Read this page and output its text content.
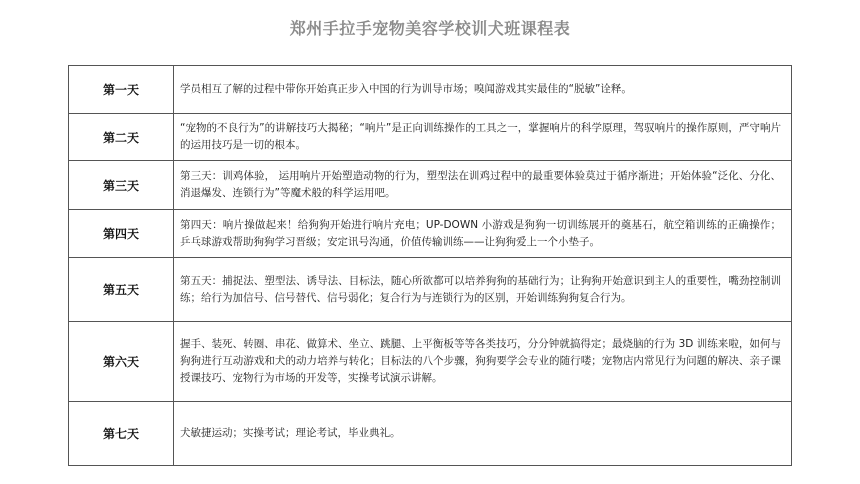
郑州手拉手宠物美容学校训犬班课程表
第一天	学员相互了解的过程中带你开始真正步入中国的行为训导市场；嗅闻游戏其实最佳的“脱敏”诠释。
第二天	“宠物的不良行为”的讲解技巧大揭秘；“响片”是正向训练操作的工具之一，掌握响片的科学原理，驾驭响片的操作原则，严守响片的运用技巧是一切的根本。
第三天	第三天：训鸡体验， 运用响片开始塑造动物的行为，塑型法在训鸡过程中的最重要体验莫过于循序渐进；开始体验“泛化、分化、消退爆发、连锁行为”等魔术般的科学运用吧。
第四天	第四天：响片操做起来！给狗狗开始进行响片充电；UP-DOWN 小游戏是狗狗一切训练展开的奠基石，航空箱训练的正确操作；乒乓球游戏帮助狗狗学习晋级；安定讯号沟通，价值传输训练——让狗狗爱上一个小垫子。
第五天	第五天：捕捉法、塑型法、诱导法、目标法，随心所欲都可以培养狗狗的基础行为；让狗狗开始意识到主人的重要性，嘴劲控制训练；给行为加信号、信号替代、信号弱化；复合行为与连锁行为的区别，开始训练狗狗复合行为。
第六天	握手、装死、转圈、串花、做算术、坐立、跳腿、上平衡板等等各类技巧，分分钟就搞得定；最烧脑的行为 3D 训练来啦，如何与狗狗进行互动游戏和犬的动力培养与转化；目标法的八个步骤，狗狗要学会专业的随行喽；宠物店内常见行为问题的解决、亲子课授课技巧、宠物行为市场的开发等，实操考试演示讲解。
第七天	犬敏捷运动；实操考试；理论考试，毕业典礼。
